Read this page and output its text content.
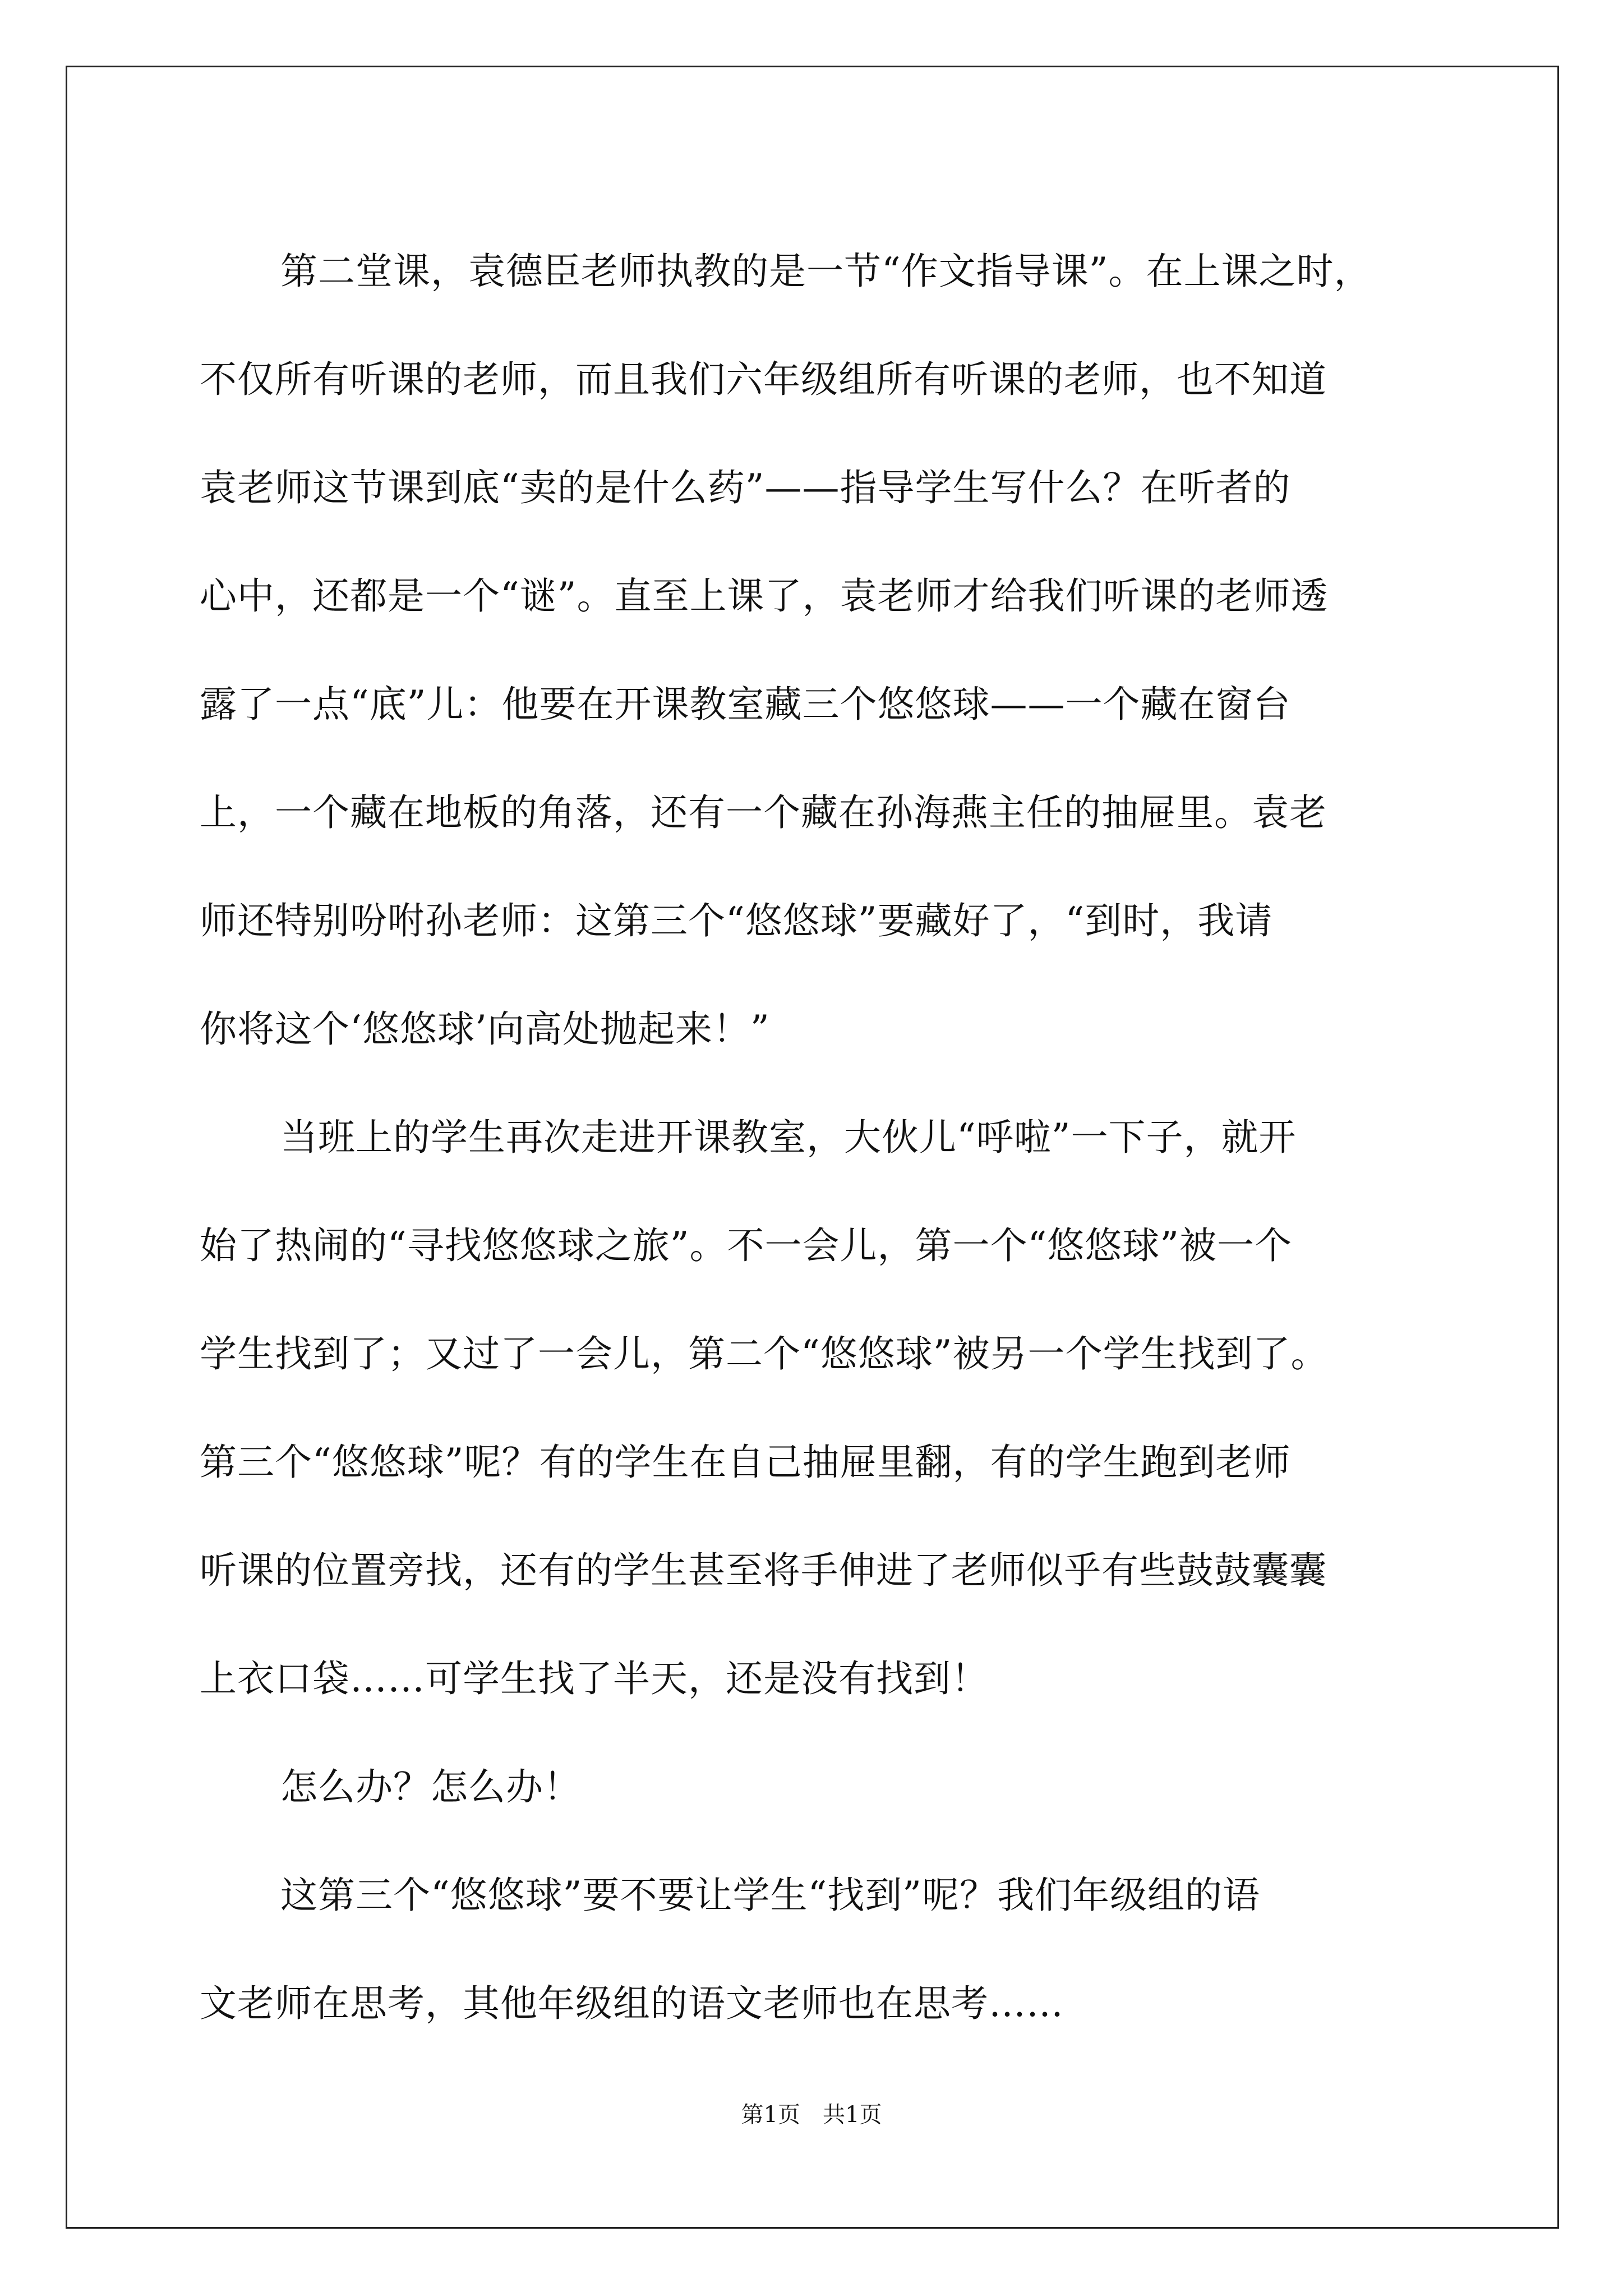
第二堂课，袁德臣老师执教的是一节“作文指导课”。在上课之时，
不仅所有听课的老师，而且我们六年级组所有听课的老师，也不知道
袁老师这节课到底“卖的是什么药”——指导学生写什么？在听者的
心中，还都是一个“谜”。直至上课了，袁老师才给我们听课的老师透
露了一点“底”儿：他要在开课教室藏三个悠悠球——一个藏在窗台
上，一个藏在地板的角落，还有一个藏在孙海燕主任的抽屉里。袁老
师还特别吩咐孙老师：这第三个“悠悠球”要藏好了，“到时，我请
你将这个‘悠悠球’向高处抛起来！”
当班上的学生再次走进开课教室，大伙儿“呼啦”一下子，就开
始了热闹的“寻找悠悠球之旅”。不一会儿，第一个“悠悠球”被一个
学生找到了；又过了一会儿，第二个“悠悠球”被另一个学生找到了。
第三个“悠悠球”呢？有的学生在自己抽屉里翻，有的学生跑到老师
听课的位置旁找，还有的学生甚至将手伸进了老师似乎有些鼓鼓囊囊
上衣口袋……可学生找了半天，还是没有找到！
怎么办？怎么办！
这第三个“悠悠球”要不要让学生“找到”呢？我们年级组的语
文老师在思考，其他年级组的语文老师也在思考……
第1页　共1页
